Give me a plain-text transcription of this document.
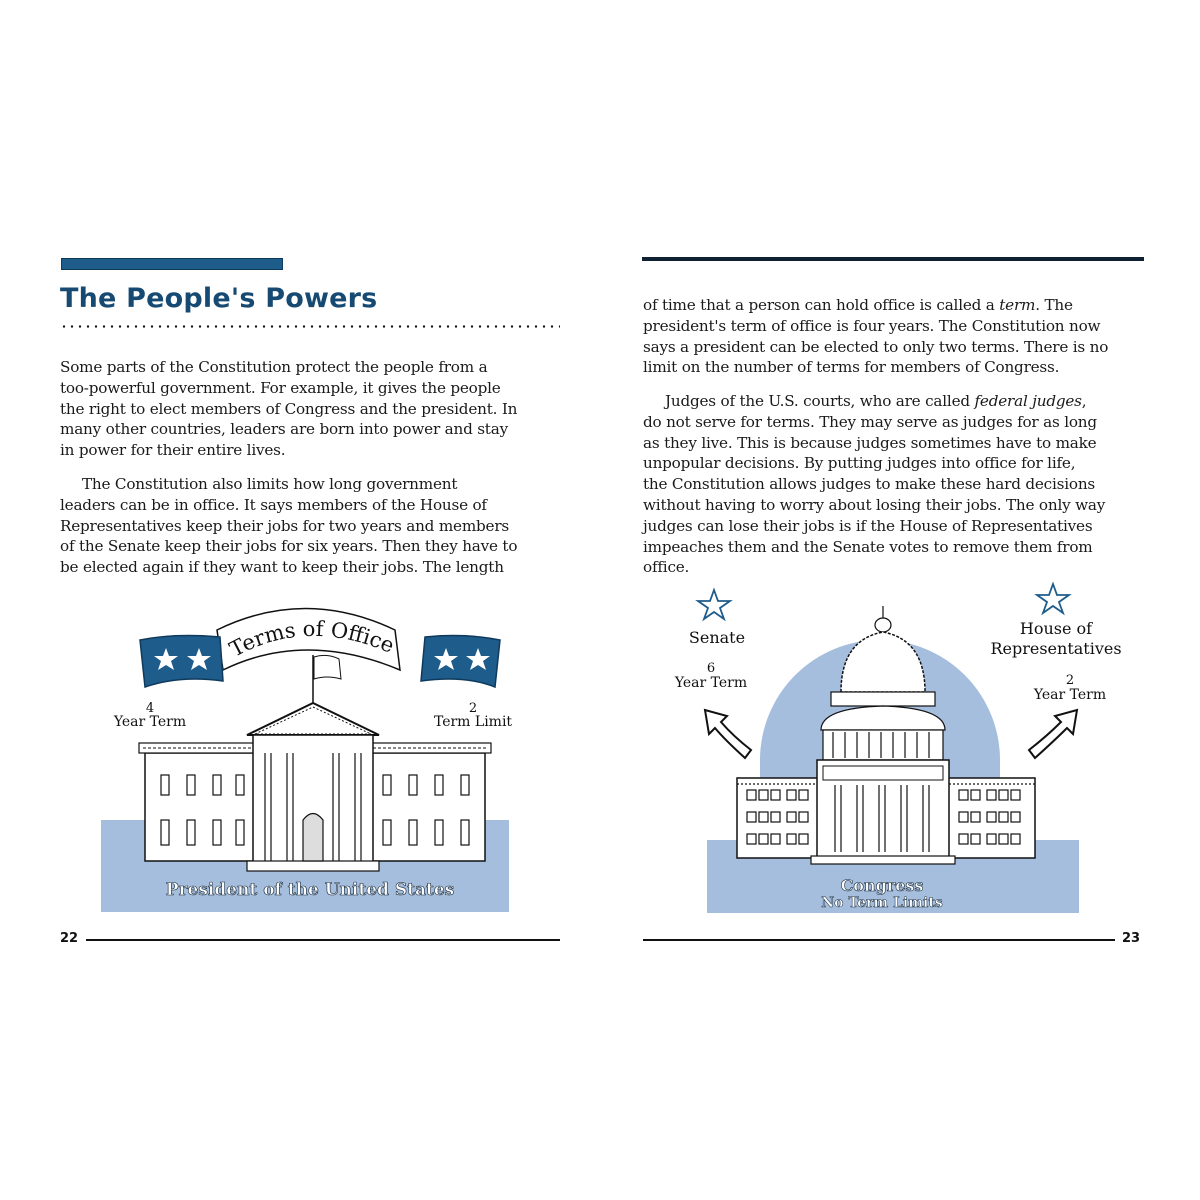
The People's Powers

Some parts of the Constitution protect the people from a
too-powerful government. For example, it gives the people
the right to elect members of Congress and the president. In
many other countries, leaders are born into power and stay
in power for their entire lives.

The Constitution also limits how long government
leaders can be in office. It says members of the House of
Representatives keep their jobs for two years and members
of the Senate keep their jobs for six years. Then they have to
be elected again if they want to keep their jobs. The length

Terms of Office
4
Year Term
2
Term Limit
President of the United States
22

of time that a person can hold office is called a term. The
president's term of office is four years. The Constitution now
says a president can be elected to only two terms. There is no
limit on the number of terms for members of Congress.

Judges of the U.S. courts, who are called federal judges,
do not serve for terms. They may serve as judges for as long
as they live. This is because judges sometimes have to make
unpopular decisions. By putting judges into office for life,
the Constitution allows judges to make these hard decisions
without having to worry about losing their jobs. The only way
judges can lose their jobs is if the House of Representatives
impeaches them and the Senate votes to remove them from
office.

Senate
6
Year Term
House of
Representatives
2
Year Term
Congress
No Term Limits
23
